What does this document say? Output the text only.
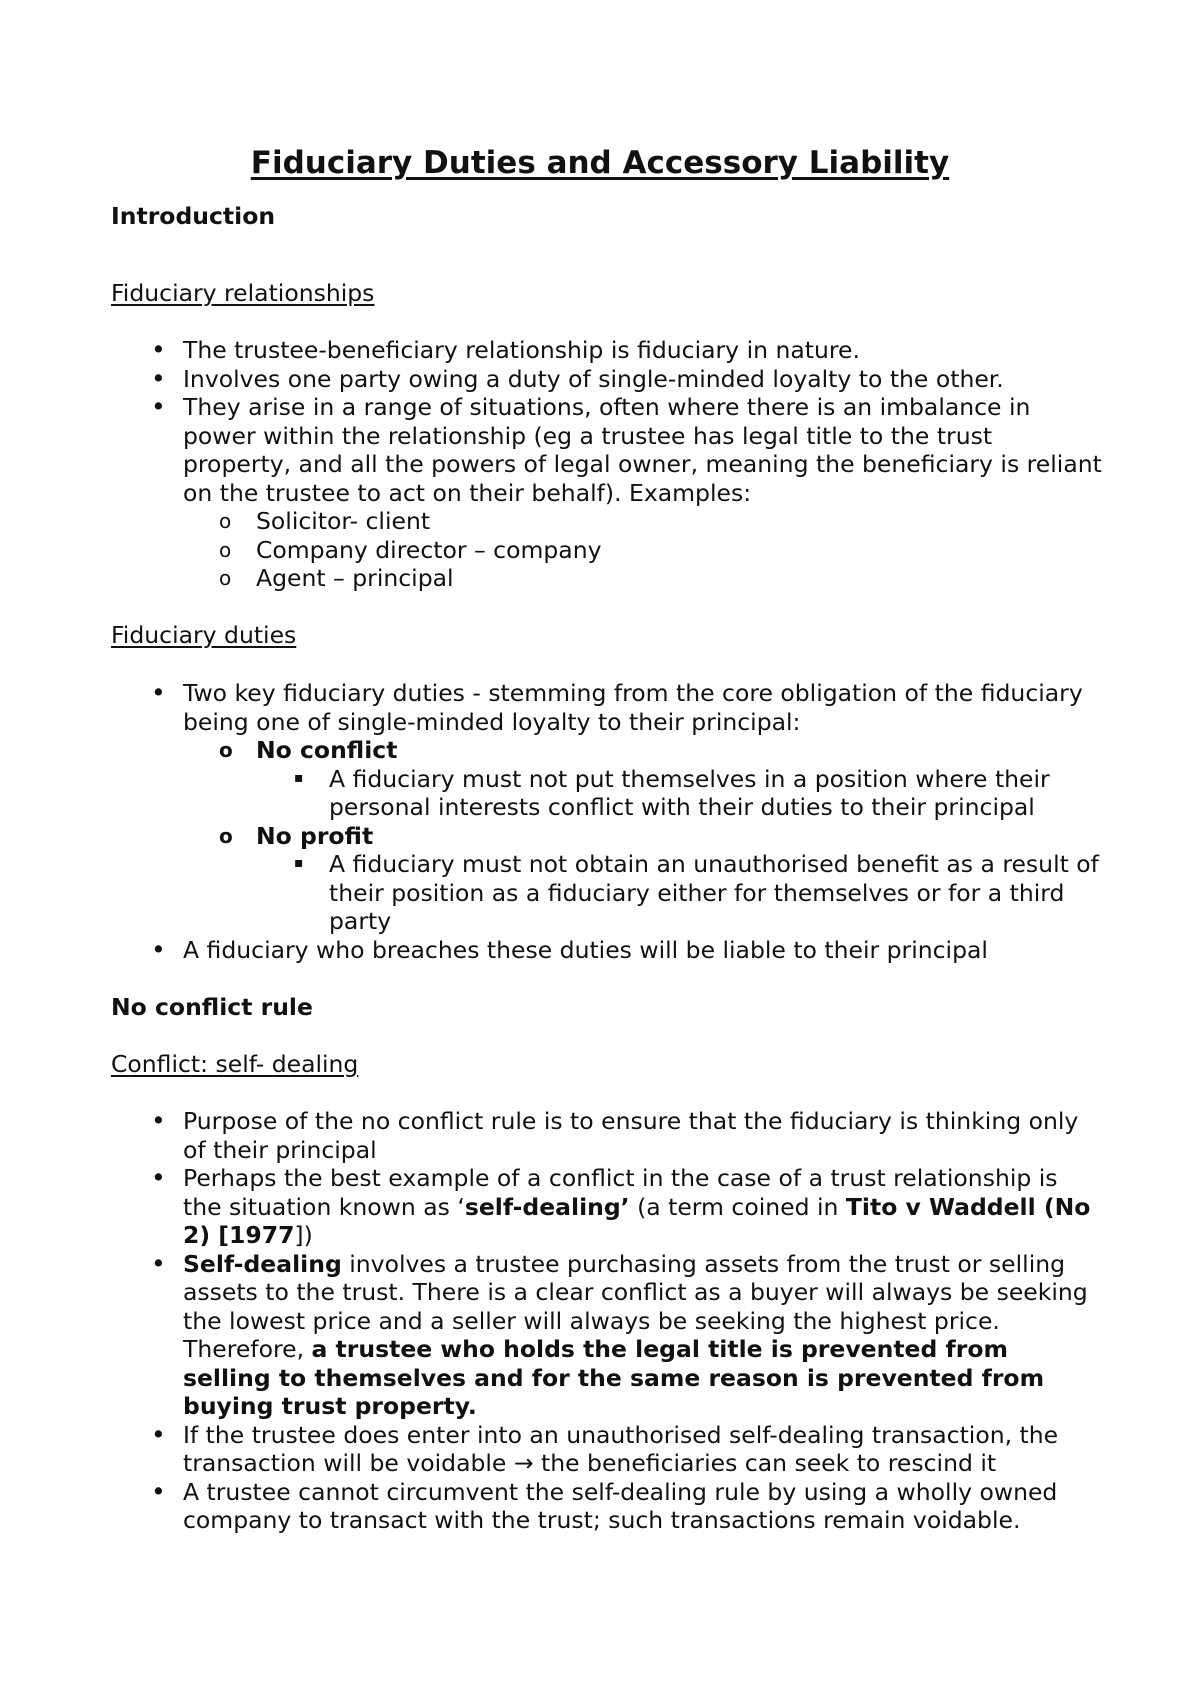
Fiduciary Duties and Accessory Liability
Introduction
Fiduciary relationships
•
The trustee-beneficiary relationship is fiduciary in nature.
•
Involves one party owing a duty of single-minded loyalty to the other.
•
They arise in a range of situations, often where there is an imbalance in power within the relationship (eg a trustee has legal title to the trust property, and all the powers of legal owner, meaning the beneficiary is reliant on the trustee to act on their behalf). Examples:
o Solicitor- client
o Company director – company
o Agent – principal
Fiduciary duties
•
Two key fiduciary duties - stemming from the core obligation of the fiduciary being one of single-minded loyalty to their principal:
o No conflict
▪ A fiduciary must not put themselves in a position where their personal interests conflict with their duties to their principal
o No profit
▪ A fiduciary must not obtain an unauthorised benefit as a result of their position as a fiduciary either for themselves or for a third party
•
A fiduciary who breaches these duties will be liable to their principal
No conflict rule
Conflict: self- dealing
•
Purpose of the no conflict rule is to ensure that the fiduciary is thinking only of their principal
•
Perhaps the best example of a conflict in the case of a trust relationship is the situation known as ‘self-dealing’ (a term coined in Tito v Waddell (No 2) [1977])
•
Self-dealing involves a trustee purchasing assets from the trust or selling assets to the trust. There is a clear conflict as a buyer will always be seeking the lowest price and a seller will always be seeking the highest price. Therefore, a trustee who holds the legal title is prevented from selling to themselves and for the same reason is prevented from buying trust property.
•
If the trustee does enter into an unauthorised self-dealing transaction, the transaction will be voidable → the beneficiaries can seek to rescind it
•
A trustee cannot circumvent the self-dealing rule by using a wholly owned company to transact with the trust; such transactions remain voidable.
